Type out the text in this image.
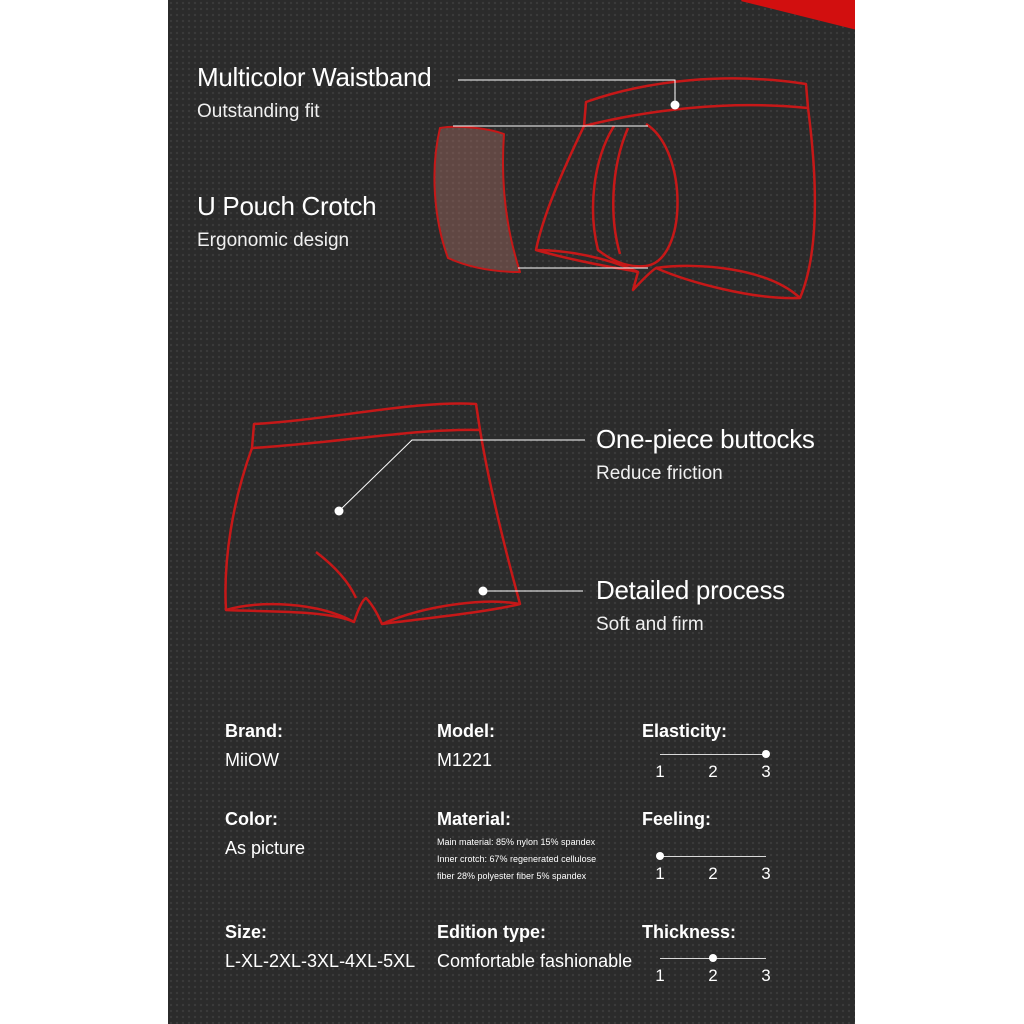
Multicolor Waistband
Outstanding fit
U Pouch Crotch
Ergonomic design
One-piece buttocks
Reduce friction
Detailed process
Soft and firm
Brand:
MiiOW
Model:
M1221
Color:
As picture
Material:
Main material: 85% nylon 15% spandex
Inner crotch: 67% regenerated cellulose
fiber 28% polyester fiber 5% spandex
Size:
L-XL-2XL-3XL-4XL-5XL
Edition type:
Comfortable fashionable
Elasticity:
1	2	3
Feeling:
1	2	3
Thickness:
1	2	3
